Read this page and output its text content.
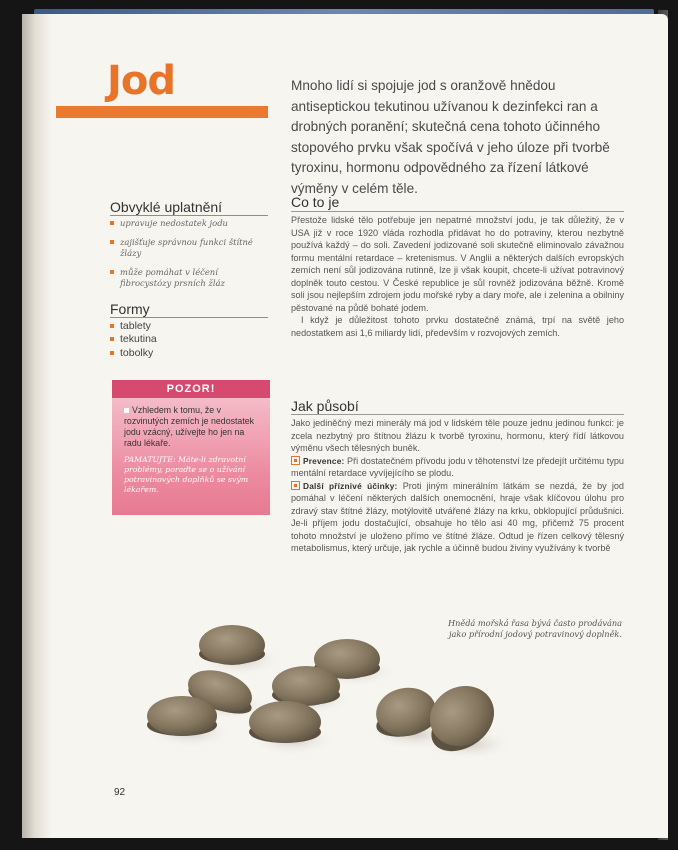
Jod	Mnoho lidí si spojuje jod s oranžově hnědou antiseptickou tekutinou užívanou k dezinfekci ran a drobných poranění; skutečná cena tohoto účinného stopového prvku však spočívá v jeho úloze při tvorbě tyroxinu, hormonu odpovědného za řízení látkové výměny v celém těle.
Obvyklé uplatnění
upravuje nedostatek jodu
zajišťuje správnou funkci štítné žlázy
může pomáhat v léčení fibrocystózy prsních žláz
Formy
tablety
tekutina
tobolky
POZOR!
Vzhledem k tomu, že v rozvinutých zemích je nedostatek jodu vzácný, užívejte ho jen na radu lékaře.
PAMATUJTE: Máte-li zdravotní problémy, poraďte se o užívání potravinových doplňků se svým lékařem.
Co to je

Přestože lidské tělo potřebuje jen nepatrné množství jodu, je tak důležitý, že v USA již v roce 1920 vláda rozhodla přidávat ho do potraviny, kterou nezbytně používá každý – do soli. Zavedení jodizované soli skutečně eliminovalo závažnou formu mentální retardace – kretenismus. V Anglii a některých dalších evropských zemích není sůl jodizována rutinně, lze ji však koupit, chcete-li užívat potravinový doplněk touto cestou. V České republice je sůl rovněž jodizována běžně. Kromě soli jsou nejlepším zdrojem jodu mořské ryby a dary moře, ale i zelenina a obilniny pěstované na půdě bohaté jodem.

I když je důležitost tohoto prvku dostatečně známá, trpí na světě jeho nedostatkem asi 1,6 miliardy lidí, především v rozvojových zemích.

Jak působí

Jako jediněčný mezi minerály má jod v lidském těle pouze jednu jedinou funkci: je zcela nezbytný pro štítnou žlázu k tvorbě tyroxinu, hormonu, který řídí látkovou výměnu všech tělesných buněk.

Prevence: Při dostatečném přívodu jodu v těhotenství lze předejít určitému typu mentální retardace vyvíjejícího se plodu.

Další příznivé účinky: Proti jiným minerálním látkám se nezdá, že by jod pomáhal v léčení některých dalších onemocnění, hraje však klíčovou úlohu pro zdravý stav štítné žlázy, motýlovitě utvářené žlázy na krku, obklopující průdušnici. Je-li příjem jodu dostačující, obsahuje ho tělo asi 40 mg, přičemž 75 procent tohoto množství je uloženo přímo ve štítné žláze. Odtud je řízen celkový tělesný metabolismus, který určuje, jak rychle a účinně budou živiny využívány k tvorbě

Hnědá mořská řasa bývá často prodávána jako přírodní jodový potravinový doplněk.
92
